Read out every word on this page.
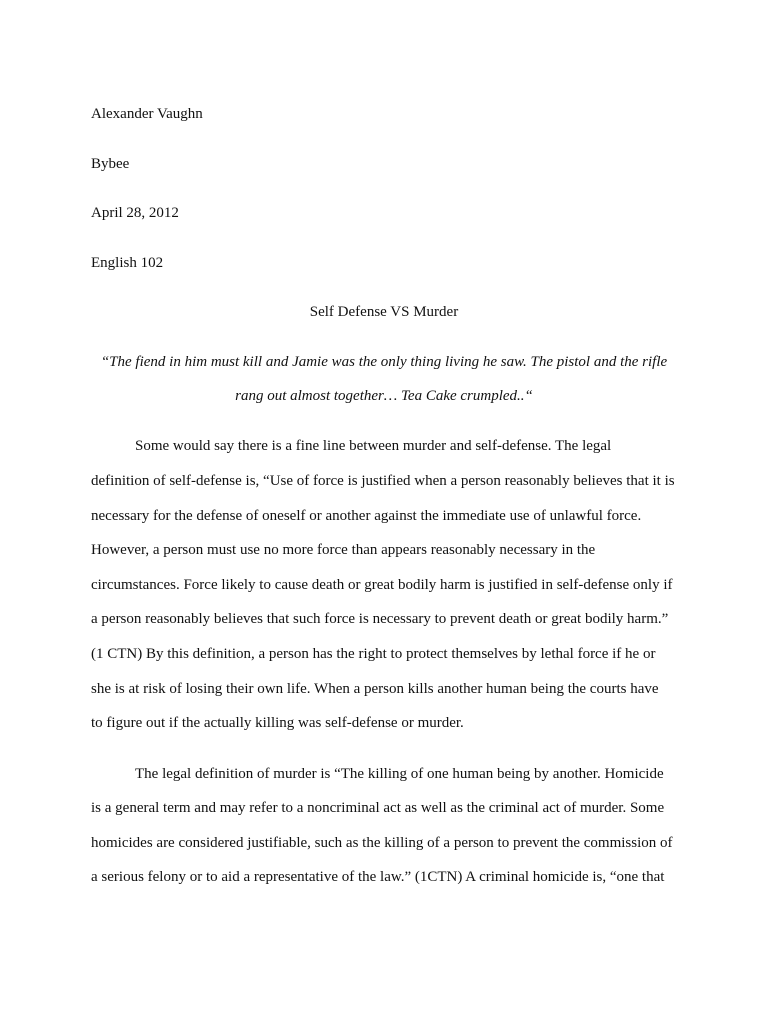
Alexander Vaughn
Bybee
April 28, 2012
English 102
Self Defense VS Murder
“The fiend in him must kill and Jamie was the only thing living he saw. The pistol and the rifle
rang out almost together… Tea Cake crumpled..“
Some would say there is a fine line between murder and self-defense. The legal
definition of self-defense is, “Use of force is justified when a person reasonably believes that it is
necessary for the defense of oneself or another against the immediate use of unlawful force.
However, a person must use no more force than appears reasonably necessary in the
circumstances. Force likely to cause death or great bodily harm is justified in self-defense only if
a person reasonably believes that such force is necessary to prevent death or great bodily harm.”
(1 CTN) By this definition, a person has the right to protect themselves by lethal force if he or
she is at risk of losing their own life. When a person kills another human being the courts have
to figure out if the actually killing was self-defense or murder.
The legal definition of murder is “The killing of one human being by another. Homicide
is a general term and may refer to a noncriminal act as well as the criminal act of murder. Some
homicides are considered justifiable, such as the killing of a person to prevent the commission of
a serious felony or to aid a representative of the law.” (1CTN) A criminal homicide is, “one that
